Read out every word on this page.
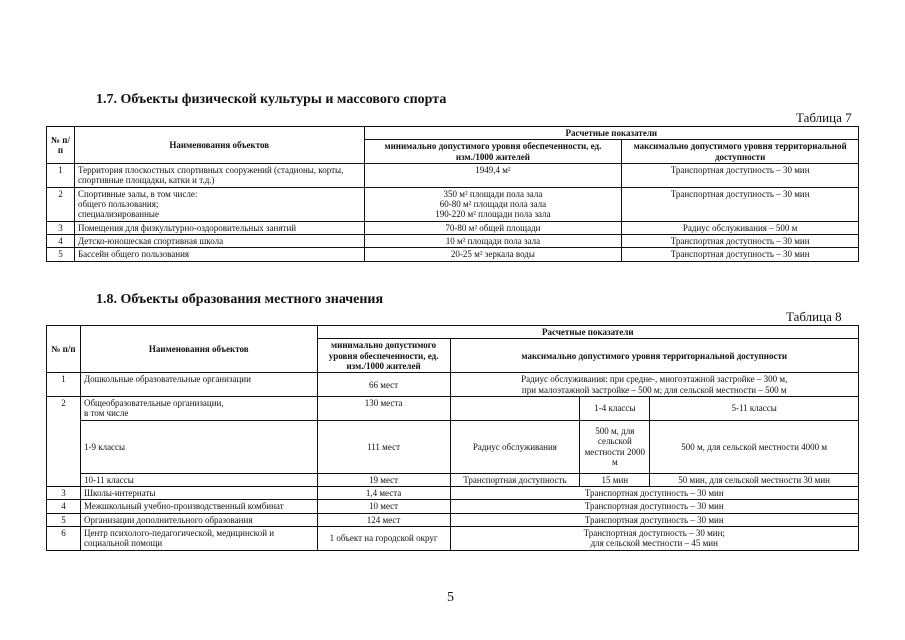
1.7. Объекты физической культуры и массового спорта
Таблица 7
№ п/п	Наименования объектов	Расчетные показатели	
		минимально допустимого уровня обеспеченности, ед. изм./1000 жителей	максимально допустимого уровня территориальной доступности
1	Территория плоскостных спортивных сооружений (стадионы, корты, спортивные площадки, катки и т.д.)	1949,4 м²	Транспортная доступность – 30 мин
2	Спортивные залы, в том числе:
общего пользования;
специализированные	350 м² площади пола зала
60-80 м² площади пола зала
190-220 м² площади пола зала	Транспортная доступность – 30 мин
3	Помещения для физкультурно-оздоровительных занятий	70-80 м² общей площади	Радиус обслуживания – 500 м
4	Детско-юношеская спортивная школа	10 м² площади пола зала	Транспортная доступность – 30 мин
5	Бассейн общего пользования	20-25 м² зеркала воды	Транспортная доступность – 30 мин
1.8. Объекты образования местного значения
Таблица 8
№ п/п	Наименования объектов	Расчетные показатели			
		минимально допустимого уровня обеспеченности, ед. изм./1000 жителей	максимально допустимого уровня территориальной доступности		
1	Дошкольные образовательные организации	66 мест	Радиус обслуживания: при средне-, многоэтажной застройке – 300 м,
при малоэтажной застройке – 500 м; для сельской местности – 500 м		

2	Общеобразовательные организации,
в том числе	130 места		1-4 классы	5-11 классы
	1-9 классы	111 мест	Радиус обслуживания	500 м, для сельской местности 2000 м	500 м, для сельской местности 4000 м
	10-11 классы	19 мест	Транспортная доступность	15 мин	50 мин, для сельской местности 30 мин
3	Школы-интернаты	1,4 места	Транспортная доступность – 30 мин		
4	Межшкольный учебно-производственный комбинат	10 мест	Транспортная доступность – 30 мин		
5	Организации дополнительного образования	124 мест	Транспортная доступность – 30 мин		
6	Центр психолого-педагогической, медицинской и социальной помощи	1 объект на городской округ	Транспортная доступность – 30 мин;
для сельской местности – 45 мин		
5
